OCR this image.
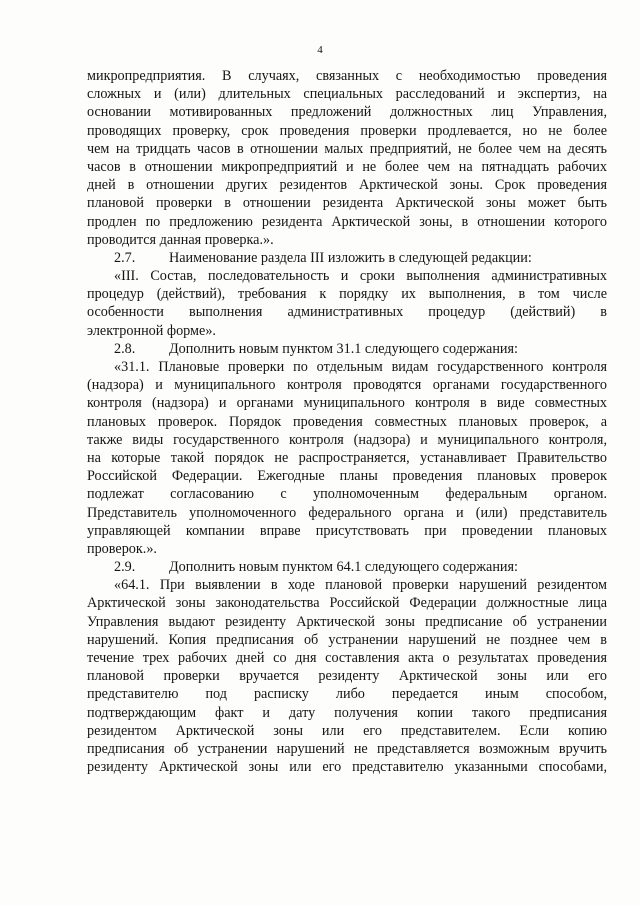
4
микропредприятия. В случаях, связанных с необходимостью проведения
сложных и (или) длительных специальных расследований и экспертиз, на
основании мотивированных предложений должностных лиц Управления,
проводящих проверку, срок проведения проверки продлевается, но не более
чем на тридцать часов в отношении малых предприятий, не более чем на десять
часов в отношении микропредприятий и не более чем на пятнадцать рабочих
дней в отношении других резидентов Арктической зоны. Срок проведения
плановой проверки в отношении резидента Арктической зоны может быть
продлен по предложению резидента Арктической зоны, в отношении которого
проводится данная проверка.».
2.7. Наименование раздела III изложить в следующей редакции:
«III. Состав, последовательность и сроки выполнения административных
процедур (действий), требования к порядку их выполнения, в том числе
особенности выполнения административных процедур (действий) в
электронной форме».
2.8. Дополнить новым пунктом 31.1 следующего содержания:
«31.1. Плановые проверки по отдельным видам государственного контроля
(надзора) и муниципального контроля проводятся органами государственного
контроля (надзора) и органами муниципального контроля в виде совместных
плановых проверок. Порядок проведения совместных плановых проверок, а
также виды государственного контроля (надзора) и муниципального контроля,
на которые такой порядок не распространяется, устанавливает Правительство
Российской Федерации. Ежегодные планы проведения плановых проверок
подлежат согласованию с уполномоченным федеральным органом.
Представитель уполномоченного федерального органа и (или) представитель
управляющей компании вправе присутствовать при проведении плановых
проверок.».
2.9. Дополнить новым пунктом 64.1 следующего содержания:
«64.1. При выявлении в ходе плановой проверки нарушений резидентом
Арктической зоны законодательства Российской Федерации должностные лица
Управления выдают резиденту Арктической зоны предписание об устранении
нарушений. Копия предписания об устранении нарушений не позднее чем в
течение трех рабочих дней со дня составления акта о результатах проведения
плановой проверки вручается резиденту Арктической зоны или его
представителю под расписку либо передается иным способом,
подтверждающим факт и дату получения копии такого предписания
резидентом Арктической зоны или его представителем. Если копию
предписания об устранении нарушений не представляется возможным вручить
резиденту Арктической зоны или его представителю указанными способами,
